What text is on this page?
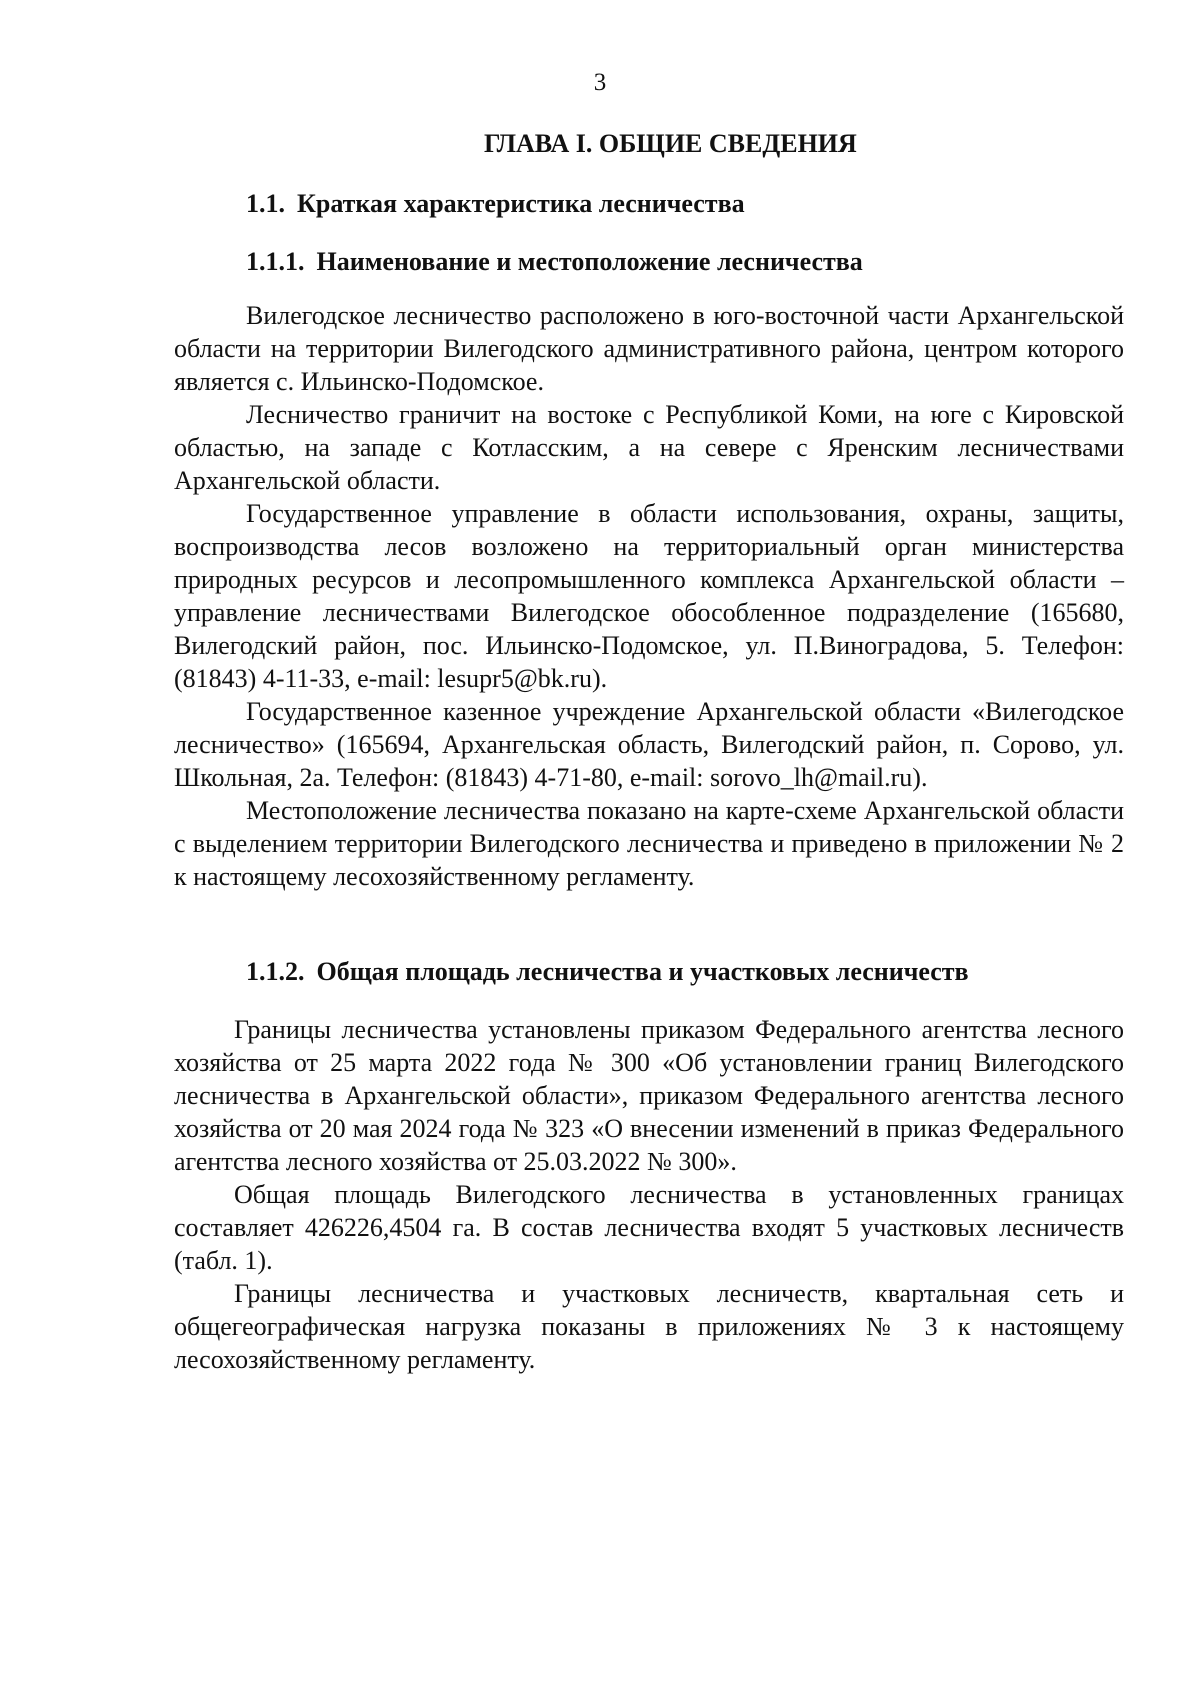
3
ГЛАВА I. ОБЩИЕ СВЕДЕНИЯ
1.1. Краткая характеристика лесничества
1.1.1. Наименование и местоположение лесничества

Вилегодское лесничество расположено в юго-восточной части Архангельской области на территории Вилегодского административного района, центром которого является с. Ильинско-Подомское.

Лесничество граничит на востоке с Республикой Коми, на юге с Кировской областью, на западе с Котласским, а на севере с Яренским лесничествами Архангельской области.

Государственное управление в области использования, охраны, защиты, воспроизводства лесов возложено на территориальный орган министерства природных ресурсов и лесопромышленного комплекса Архангельской области – управление лесничествами Вилегодское обособленное подразделение (165680, Вилегодский район, пос. Ильинско-Подомское, ул. П.Виноградова, 5. Телефон: (81843) 4-11-33, e-mail: lesupr5@bk.ru).

Государственное казенное учреждение Архангельской области «Вилегодское лесничество» (165694, Архангельская область, Вилегодский район, п. Сорово, ул. Школьная, 2а. Телефон: (81843) 4-71-80, e-mail: sorovo_lh@mail.ru).

Местоположение лесничества показано на карте-схеме Архангельской области с выделением территории Вилегодского лесничества и приведено в приложении № 2 к настоящему лесохозяйственному регламенту.

1.1.2. Общая площадь лесничества и участковых лесничеств

Границы лесничества установлены приказом Федерального агентства лесного хозяйства от 25 марта 2022 года № 300 «Об установлении границ Вилегодского лесничества в Архангельской области», приказом Федерального агентства лесного хозяйства от 20 мая 2024 года № 323 «О внесении изменений в приказ Федерального агентства лесного хозяйства от 25.03.2022 № 300».

Общая площадь Вилегодского лесничества в установленных границах составляет 426226,4504 га. В состав лесничества входят 5 участковых лесничеств (табл. 1).

Границы лесничества и участковых лесничеств, квартальная сеть и общегеографическая нагрузка показаны в приложениях № 3 к настоящему лесохозяйственному регламенту.
